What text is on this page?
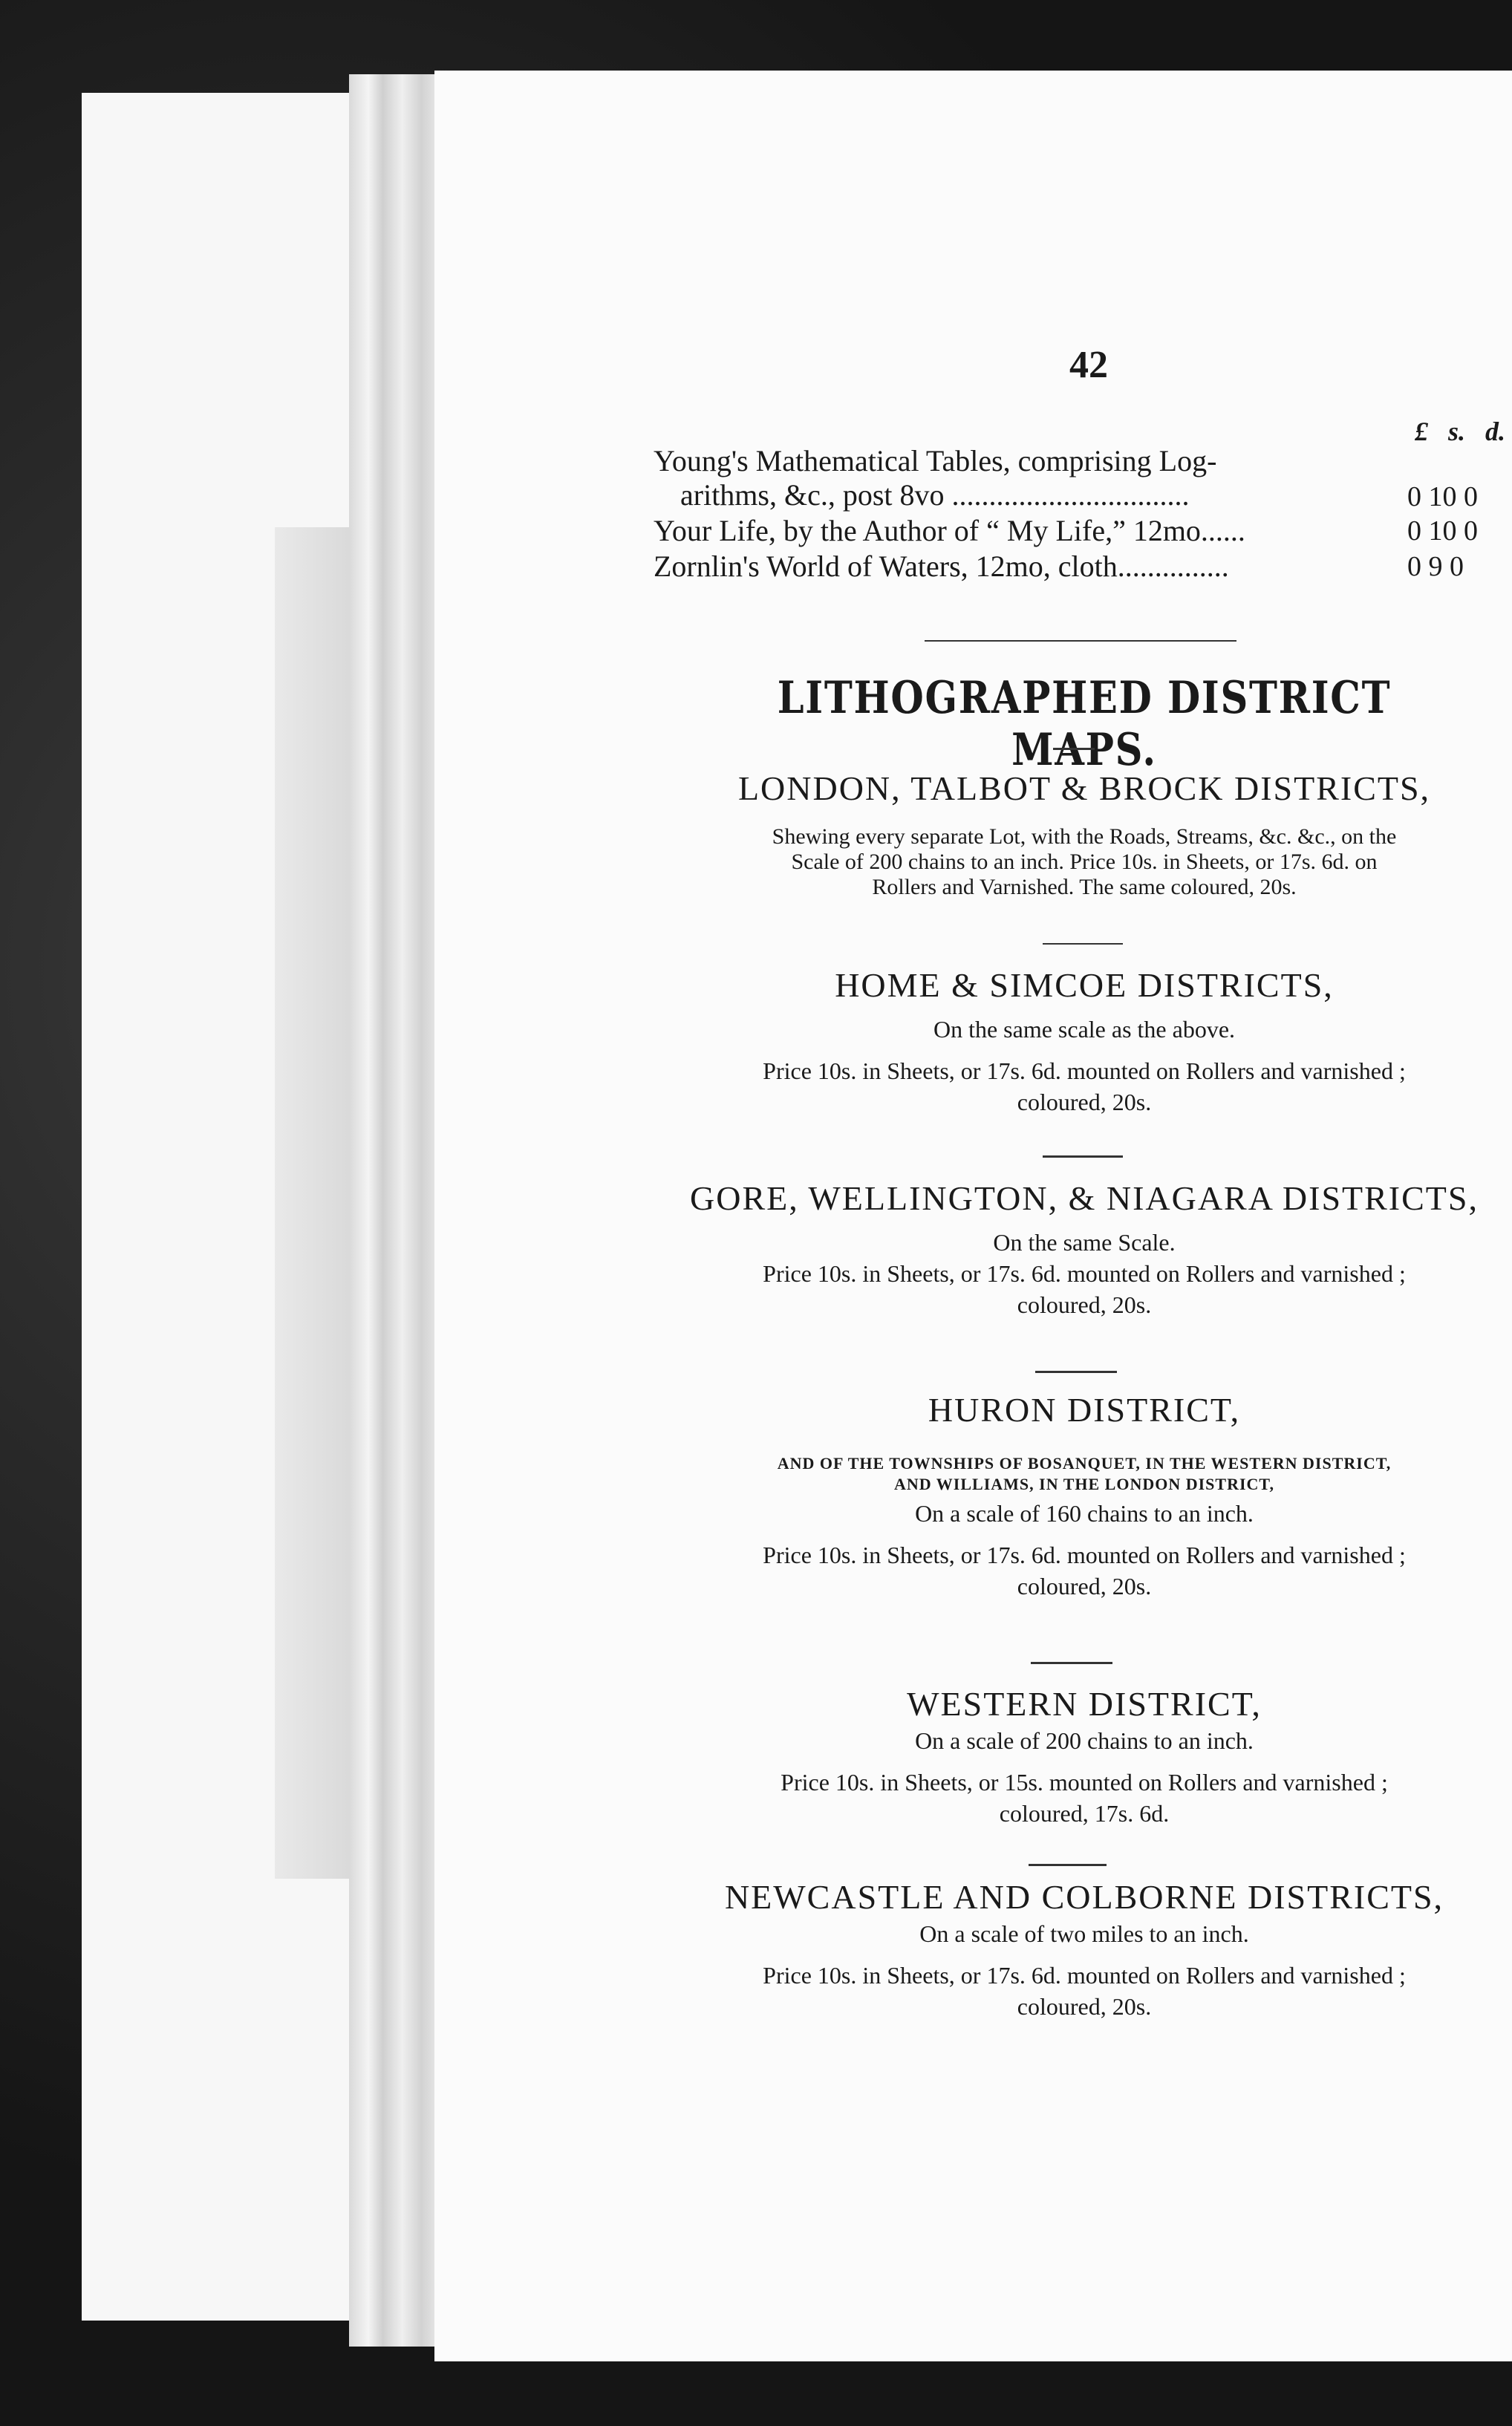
42
£ s. d.
Young's Mathematical Tables, comprising Log-
arithms, &c., post 8vo ................................	0 10 0
Your Life, by the Author of “ My Life,” 12mo......	0 10 0
Zornlin's World of Waters, 12mo, cloth...............	0 9 0
LITHOGRAPHED DISTRICT MAPS.
LONDON, TALBOT & BROCK DISTRICTS,
Shewing every separate Lot, with the Roads, Streams, &c. &c., on the
Scale of 200 chains to an inch. Price 10s. in Sheets, or 17s. 6d. on
Rollers and Varnished. The same coloured, 20s.
HOME & SIMCOE DISTRICTS,
On the same scale as the above.
Price 10s. in Sheets, or 17s. 6d. mounted on Rollers and varnished ;
coloured, 20s.
GORE, WELLINGTON, & NIAGARA DISTRICTS,
On the same Scale.
Price 10s. in Sheets, or 17s. 6d. mounted on Rollers and varnished ;
coloured, 20s.
HURON DISTRICT,
AND OF THE TOWNSHIPS OF BOSANQUET, IN THE WESTERN DISTRICT,
AND WILLIAMS, IN THE LONDON DISTRICT,
On a scale of 160 chains to an inch.
Price 10s. in Sheets, or 17s. 6d. mounted on Rollers and varnished ;
coloured, 20s.
WESTERN DISTRICT,
On a scale of 200 chains to an inch.
Price 10s. in Sheets, or 15s. mounted on Rollers and varnished ;
coloured, 17s. 6d.
NEWCASTLE AND COLBORNE DISTRICTS,
On a scale of two miles to an inch.
Price 10s. in Sheets, or 17s. 6d. mounted on Rollers and varnished ;
coloured, 20s.
